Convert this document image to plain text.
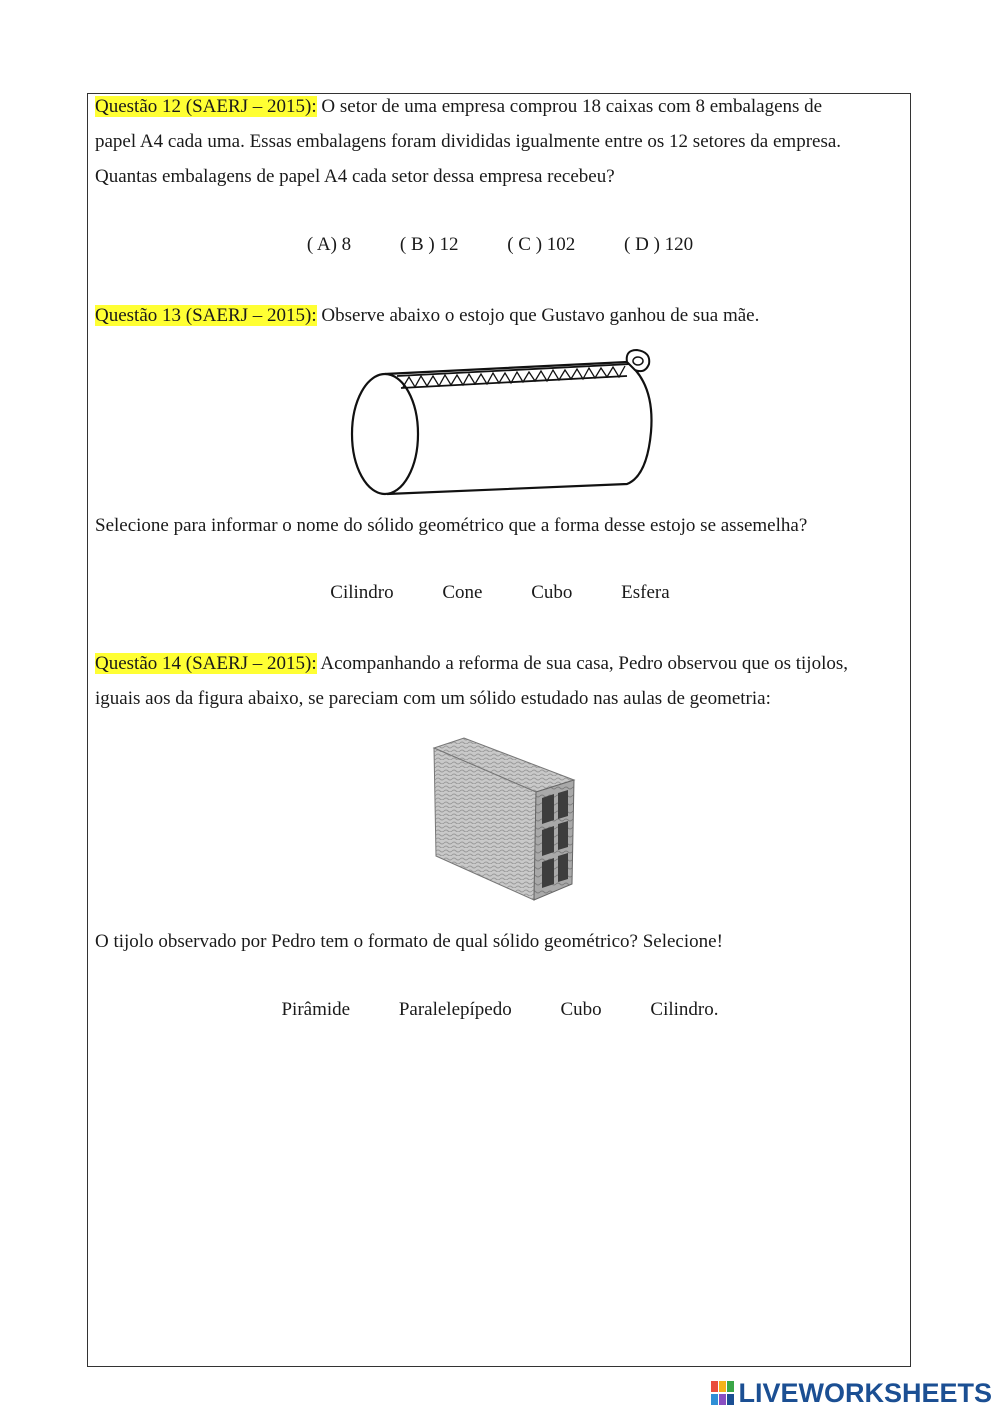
Questão 12 (SAERJ – 2015): O setor de uma empresa comprou 18 caixas com 8 embalagens de
papel A4 cada uma. Essas embalagens foram divididas igualmente entre os 12 setores da empresa.
Quantas embalagens de papel A4 cada setor dessa empresa recebeu?

( A) 8	( B ) 12	( C ) 102	( D ) 120

Questão 13 (SAERJ – 2015): Observe abaixo o estojo que Gustavo ganhou de sua mãe.

Selecione para informar o nome do sólido geométrico que a forma desse estojo se assemelha?

Cilindro	Cone	Cubo	Esfera

Questão 14 (SAERJ – 2015): Acompanhando a reforma de sua casa, Pedro observou que os tijolos,
iguais aos da figura abaixo, se pareciam com um sólido estudado nas aulas de geometria:

O tijolo observado por Pedro tem o formato de qual sólido geométrico? Selecione!

Pirâmide	Paralelepípedo	Cubo	Cilindro.
LIVEWORKSHEETS
